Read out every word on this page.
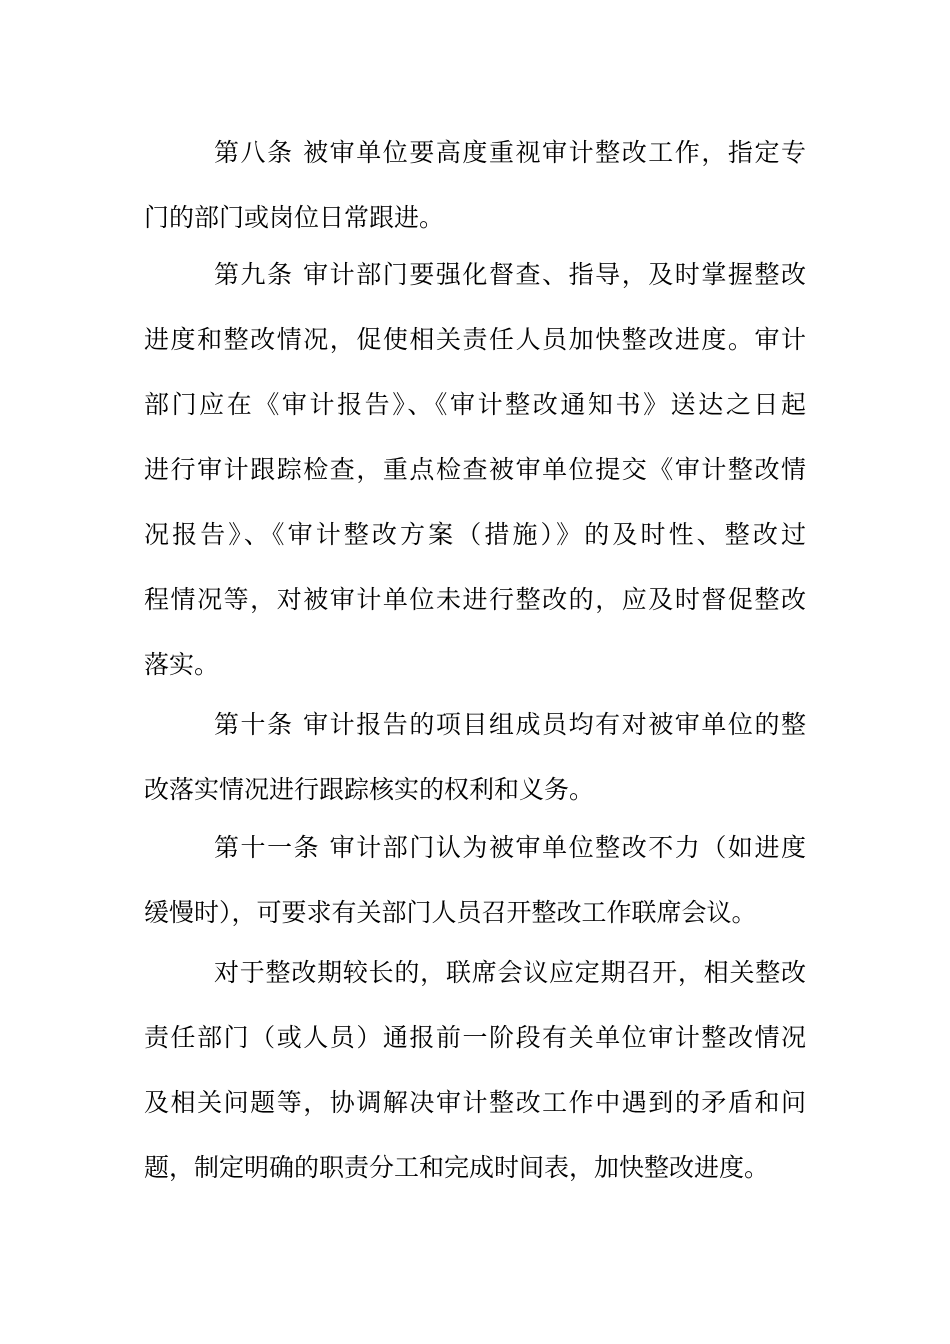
第八条 被审单位要高度重视审计整改工作，指定专
门的部门或岗位日常跟进。
第九条 审计部门要强化督查、指导，及时掌握整改
进度和整改情况，促使相关责任人员加快整改进度。审计
部门应在《审计报告》、《审计整改通知书》送达之日起
进行审计跟踪检查，重点检查被审单位提交《审计整改情
况报告》、《审计整改方案（措施）》的及时性、整改过
程情况等，对被审计单位未进行整改的，应及时督促整改
落实。
第十条 审计报告的项目组成员均有对被审单位的整
改落实情况进行跟踪核实的权利和义务。
第十一条 审计部门认为被审单位整改不力（如进度
缓慢时），可要求有关部门人员召开整改工作联席会议。
对于整改期较长的，联席会议应定期召开，相关整改
责任部门（或人员）通报前一阶段有关单位审计整改情况
及相关问题等，协调解决审计整改工作中遇到的矛盾和问
题，制定明确的职责分工和完成时间表，加快整改进度。
